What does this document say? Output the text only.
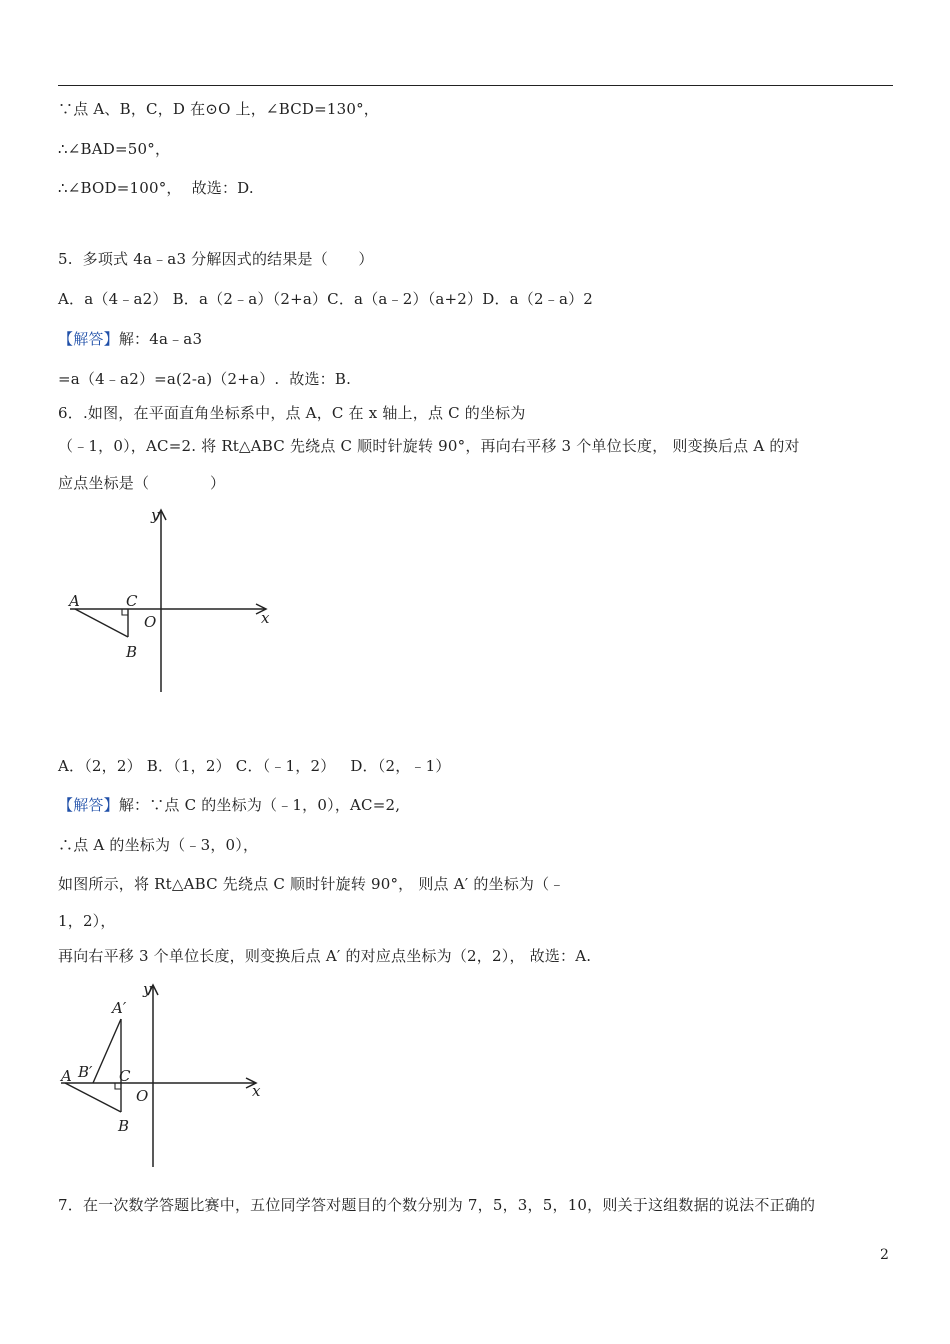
∵点 A、B，C，D 在⊙O 上，∠BCD=130°，
∴∠BAD=50°，
∴∠BOD=100°，  故选：D.
5.  多项式 4a﹣a3 分解因式的结果是（　　）
A．a（4﹣a2） B．a（2﹣a）（2+a）C．a（a﹣2）（a+2）D．a（2﹣a）2
【解答】解：4a﹣a3
=a（4﹣a2）=a(2-a)（2+a）.  故选：B.
6．.如图，在平面直角坐标系中，点 A，C 在 x 轴上，点 C 的坐标为
（﹣1，0），AC=2. 将 Rt△ABC 先绕点 C 顺时针旋转 90°，再向右平移 3 个单位长度， 则变换后点 A 的对
应点坐标是（　　　　）
y
x
A	C
O
B
A．（2，2） B．（1，2） C．（﹣1，2）   D．（2，﹣1）
【解答】解：∵点 C 的坐标为（﹣1，0），AC=2,
∴点 A 的坐标为（﹣3，0），
如图所示，将 Rt△ABC 先绕点 C 顺时针旋转 90°， 则点 A′ 的坐标为（﹣
1，2），
再向右平移 3 个单位长度，则变换后点 A′ 的对应点坐标为（2，2）， 故选：A.
y
x
A
A′
B′ C
O
B
7．在一次数学答题比赛中，五位同学答对题目的个数分别为 7，5，3，5，10，则关于这组数据的说法不正确的
2
